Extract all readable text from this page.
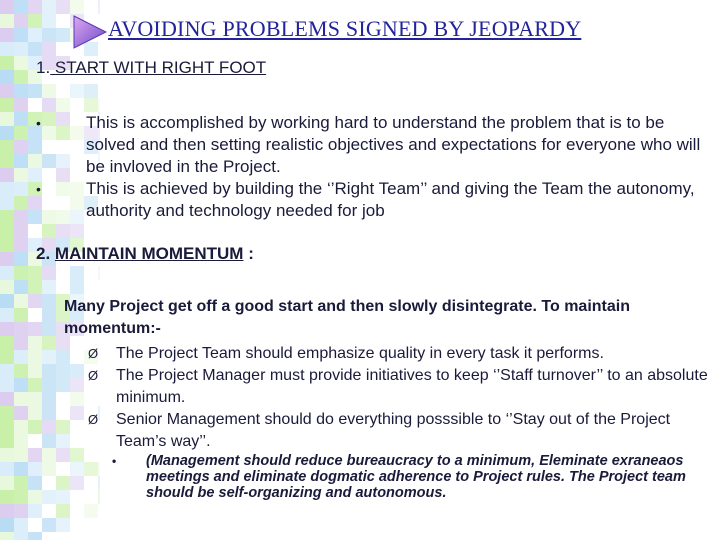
AVOIDING PROBLEMS SIGNED BY JEOPARDY
1. START WITH RIGHT FOOT
•	This is accomplished by working hard to understand the problem that is to be solved and then setting realistic objectives and expectations for everyone who will be invloved in the Project.
•	This is achieved by building the ‘’Right Team’’ and giving the Team the autonomy, authority and technology needed for job
2. MAINTAIN MOMENTUM :
Many Project get off a good start and then slowly disintegrate. To maintain momentum:-
Ø The Project Team should emphasize quality in every task it performs.
Ø The Project Manager must provide initiatives to keep ‘’Staff turnover’’ to an absolute minimum.
Ø Senior Management should do everything posssible to ‘’Stay out of the Project Team’s way’’.
• (Management should reduce bureaucracy to a minimum, Eleminate exraneaos meetings and eliminate dogmatic adherence to Project rules. The Project team should be self-organizing and autonomous.
